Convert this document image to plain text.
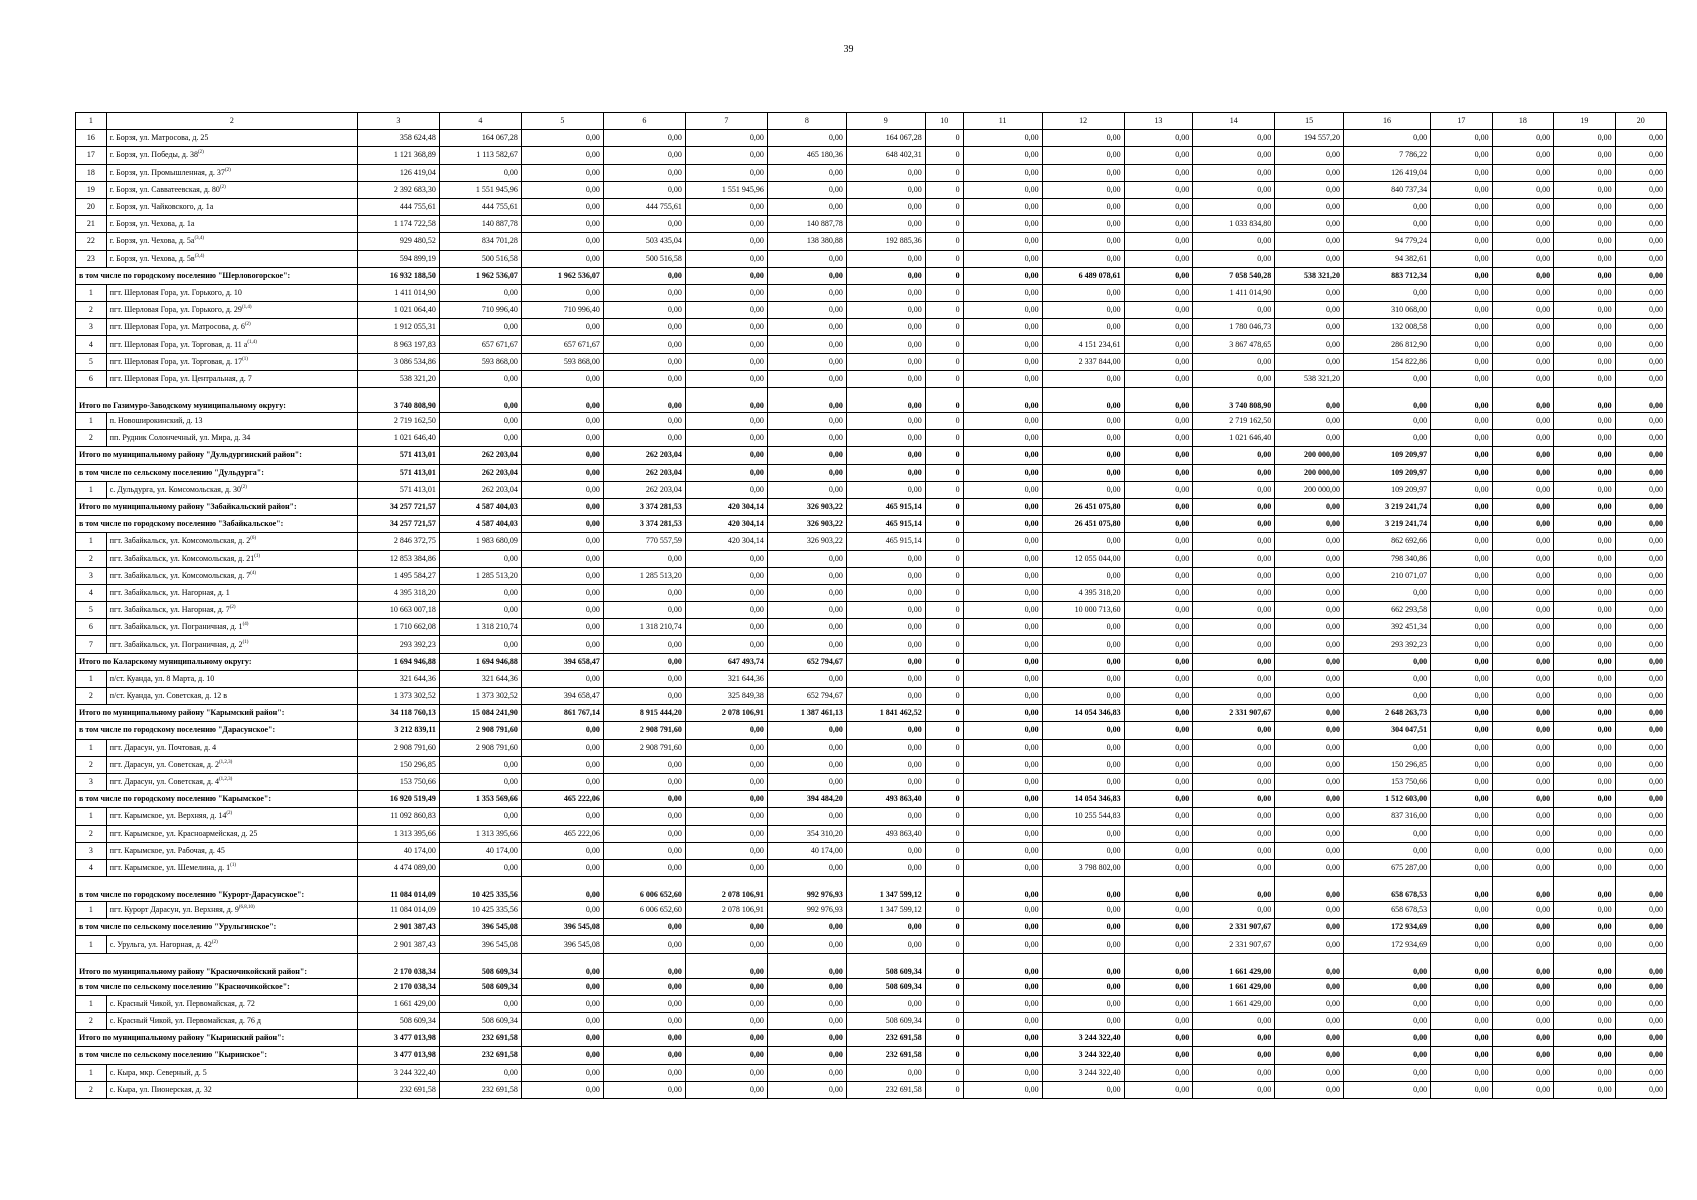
39
1	2	3	4	5	6	7	8	9	10	11	12	13	14	15	16	17	18	19	20
16	г. Борзя, ул. Матросова, д. 25	358 624,48	164 067,28	0,00	0,00	0,00	0,00	164 067,28	0	0,00	0,00	0,00	0,00	194 557,20	0,00	0,00	0,00	0,00	0,00
17	г. Борзя, ул. Победы, д. 38$^{(2)}$	1 121 368,89	1 113 582,67	0,00	0,00	0,00	465 180,36	648 402,31	0	0,00	0,00	0,00	0,00	0,00	7 786,22	0,00	0,00	0,00	0,00
18	г. Борзя, ул. Промышленная, д. 37$^{(2)}$	126 419,04	0,00	0,00	0,00	0,00	0,00	0,00	0	0,00	0,00	0,00	0,00	0,00	126 419,04	0,00	0,00	0,00	0,00
19	г. Борзя, ул. Савватеевская, д. 80$^{(2)}$	2 392 683,30	1 551 945,96	0,00	0,00	1 551 945,96	0,00	0,00	0	0,00	0,00	0,00	0,00	0,00	840 737,34	0,00	0,00	0,00	0,00
20	г. Борзя, ул. Чайковского, д. 1а	444 755,61	444 755,61	0,00	444 755,61	0,00	0,00	0,00	0	0,00	0,00	0,00	0,00	0,00	0,00	0,00	0,00	0,00	0,00
21	г. Борзя, ул. Чехова, д. 1а	1 174 722,58	140 887,78	0,00	0,00	0,00	140 887,78	0,00	0	0,00	0,00	0,00	1 033 834,80	0,00	0,00	0,00	0,00	0,00	0,00
22	г. Борзя, ул. Чехова, д. $5а^{(3,4)}$	929 480,52	834 701,28	0,00	503 435,04	0,00	138 380,88	192 885,36	0	0,00	0,00	0,00	0,00	0,00	94 779,24	0,00	0,00	0,00	0,00
23	г. Борзя, ул. Чехова, д. $5в^{(3,4)}$	594 899,19	500 516,58	0,00	500 516,58	0,00	0,00	0,00	0	0,00	0,00	0,00	0,00	0,00	94 382,61	0,00	0,00	0,00	0,00
в том числе по городскому поселению "Шерловогорское":		16 932 188,50	1 962 536,07	1 962 536,07	0,00	0,00	0,00	0,00	0	0,00	6 489 078,61	0,00	7 058 540,28	538 321,20	883 712,34	0,00	0,00	0,00	0,00
1	пгт. Шерловая Гора, ул. Горького, д. 10	1 411 014,90	0,00	0,00	0,00	0,00	0,00	0,00	0	0,00	0,00	0,00	1 411 014,90	0,00	0,00	0,00	0,00	0,00	0,00
2	пгт. Шерловая Гора, ул. Горького, д. 29$^{(1,4)}$	1 021 064,40	710 996,40	710 996,40	0,00	0,00	0,00	0,00	0	0,00	0,00	0,00	0,00	0,00	310 068,00	0,00	0,00	0,00	0,00
3	пгт. Шерловая Гора, ул. Матросова, д. 6$^{(2)}$	1 912 055,31	0,00	0,00	0,00	0,00	0,00	0,00	0	0,00	0,00	0,00	1 780 046,73	0,00	132 008,58	0,00	0,00	0,00	0,00
4	пгт. Шерловая Гора, ул. Торговая, д. 11 $а^{(1,4)}$	8 963 197,83	657 671,67	657 671,67	0,00	0,00	0,00	0,00	0	0,00	4 151 234,61	0,00	3 867 478,65	0,00	286 812,90	0,00	0,00	0,00	0,00
5	пгт. Шерловая Гора, ул. Торговая, д. 17$^{(1)}$	3 086 534,86	593 868,00	593 868,00	0,00	0,00	0,00	0,00	0	0,00	2 337 844,00	0,00	0,00	0,00	154 822,86	0,00	0,00	0,00	0,00
6	пгт. Шерловая Гора, ул. Центральная, д. 7	538 321,20	0,00	0,00	0,00	0,00	0,00	0,00	0	0,00	0,00	0,00	0,00	538 321,20	0,00	0,00	0,00	0,00	0,00
Итого по Газимуро-Заводскому муниципальному округу:		3 740 808,90	0,00	0,00	0,00	0,00	0,00	0,00	0	0,00	0,00	0,00	3 740 808,90	0,00	0,00	0,00	0,00	0,00	0,00
1	п. Новоширокинский, д. 13	2 719 162,50	0,00	0,00	0,00	0,00	0,00	0,00	0	0,00	0,00	0,00	2 719 162,50	0,00	0,00	0,00	0,00	0,00	0,00
2	пп. Рудник Солончечный, ул. Мира, д. 34	1 021 646,40	0,00	0,00	0,00	0,00	0,00	0,00	0	0,00	0,00	0,00	1 021 646,40	0,00	0,00	0,00	0,00	0,00	0,00
Итого по муниципальному району "Дульдургинский район":		571 413,01	262 203,04	0,00	262 203,04	0,00	0,00	0,00	0	0,00	0,00	0,00	0,00	200 000,00	109 209,97	0,00	0,00	0,00	0,00
в том числе по сельскому поселению "Дульдурга":		571 413,01	262 203,04	0,00	262 203,04	0,00	0,00	0,00	0	0,00	0,00	0,00	0,00	200 000,00	109 209,97	0,00	0,00	0,00	0,00
1	с. Дульдурга, ул. Комсомольская, д. 30$^{(2)}$	571 413,01	262 203,04	0,00	262 203,04	0,00	0,00	0,00	0	0,00	0,00	0,00	0,00	200 000,00	109 209,97	0,00	0,00	0,00	0,00
Итого по муниципальному району "Забайкальский район":		34 257 721,57	4 587 404,03	0,00	3 374 281,53	420 304,14	326 903,22	465 915,14	0	0,00	26 451 075,80	0,00	0,00	0,00	3 219 241,74	0,00	0,00	0,00	0,00
в том числе по городскому поселению "Забайкальское":		34 257 721,57	4 587 404,03	0,00	3 374 281,53	420 304,14	326 903,22	465 915,14	0	0,00	26 451 075,80	0,00	0,00	0,00	3 219 241,74	0,00	0,00	0,00	0,00
1	пгт. Забайкальск, ул. Комсомольская, д. 2$^{(6)}$	2 846 372,75	1 983 680,09	0,00	770 557,59	420 304,14	326 903,22	465 915,14	0	0,00	0,00	0,00	0,00	0,00	862 692,66	0,00	0,00	0,00	0,00
2	пгт. Забайкальск, ул. Комсомольская, д. 21$^{(1)}$	12 853 384,86	0,00	0,00	0,00	0,00	0,00	0,00	0	0,00	12 055 044,00	0,00	0,00	0,00	798 340,86	0,00	0,00	0,00	0,00
3	пгт. Забайкальск, ул. Комсомольская, д. 7$^{(4)}$	1 495 584,27	1 285 513,20	0,00	1 285 513,20	0,00	0,00	0,00	0	0,00	0,00	0,00	0,00	0,00	210 071,07	0,00	0,00	0,00	0,00
4	пгт. Забайкальск, ул. Нагорная, д. 1	4 395 318,20	0,00	0,00	0,00	0,00	0,00	0,00	0	0,00	4 395 318,20	0,00	0,00	0,00	0,00	0,00	0,00	0,00	0,00
5	пгт. Забайкальск, ул. Нагорная, д. 7$^{(2)}$	10 663 007,18	0,00	0,00	0,00	0,00	0,00	0,00	0	0,00	10 000 713,60	0,00	0,00	0,00	662 293,58	0,00	0,00	0,00	0,00
6	пгт. Забайкальск, ул. Пограничная, д. 1$^{(4)}$	1 710 662,08	1 318 210,74	0,00	1 318 210,74	0,00	0,00	0,00	0	0,00	0,00	0,00	0,00	0,00	392 451,34	0,00	0,00	0,00	0,00
7	пгт. Забайкальск, ул. Пограничная, д. 2$^{(1)}$	293 392,23	0,00	0,00	0,00	0,00	0,00	0,00	0	0,00	0,00	0,00	0,00	0,00	293 392,23	0,00	0,00	0,00	0,00
Итого по Каларскому муниципальному округу:		1 694 946,88	1 694 946,88	394 658,47	0,00	647 493,74	652 794,67	0,00	0	0,00	0,00	0,00	0,00	0,00	0,00	0,00	0,00	0,00	0,00
1	п/ст. Куанда, ул. 8 Марта, д. 10	321 644,36	321 644,36	0,00	0,00	321 644,36	0,00	0,00	0	0,00	0,00	0,00	0,00	0,00	0,00	0,00	0,00	0,00	0,00
2	п/ст. Куанда, ул. Советская, д. 12 в	1 373 302,52	1 373 302,52	394 658,47	0,00	325 849,38	652 794,67	0,00	0	0,00	0,00	0,00	0,00	0,00	0,00	0,00	0,00	0,00	0,00
Итого по муниципальному району "Карымский район":		34 118 760,13	15 084 241,90	861 767,14	8 915 444,20	2 078 106,91	1 387 461,13	1 841 462,52	0	0,00	14 054 346,83	0,00	2 331 907,67	0,00	2 648 263,73	0,00	0,00	0,00	0,00
в том числе по городскому поселению "Дарасунское":		3 212 839,11	2 908 791,60	0,00	2 908 791,60	0,00	0,00	0,00	0	0,00	0,00	0,00	0,00	0,00	304 047,51	0,00	0,00	0,00	0,00
1	пгт. Дарасун, ул. Почтовая, д. 4	2 908 791,60	2 908 791,60	0,00	2 908 791,60	0,00	0,00	0,00	0	0,00	0,00	0,00	0,00	0,00	0,00	0,00	0,00	0,00	0,00
2	пгт. Дарасун, ул. Советская, д. 2$^{(1,2,3)}$	150 296,85	0,00	0,00	0,00	0,00	0,00	0,00	0	0,00	0,00	0,00	0,00	0,00	150 296,85	0,00	0,00	0,00	0,00
3	пгт. Дарасун, ул. Советская, д. 4$^{(1,2,3)}$	153 750,66	0,00	0,00	0,00	0,00	0,00	0,00	0	0,00	0,00	0,00	0,00	0,00	153 750,66	0,00	0,00	0,00	0,00
в том числе по городскому поселению "Карымское":		16 920 519,49	1 353 569,66	465 222,06	0,00	0,00	394 484,20	493 863,40	0	0,00	14 054 346,83	0,00	0,00	0,00	1 512 603,00	0,00	0,00	0,00	0,00
1	пгт. Карымское, ул. Верхняя, д. 14$^{(2)}$	11 092 860,83	0,00	0,00	0,00	0,00	0,00	0,00	0	0,00	10 255 544,83	0,00	0,00	0,00	837 316,00	0,00	0,00	0,00	0,00
2	пгт. Карымское, ул. Красноармейская, д. 25	1 313 395,66	1 313 395,66	465 222,06	0,00	0,00	354 310,20	493 863,40	0	0,00	0,00	0,00	0,00	0,00	0,00	0,00	0,00	0,00	0,00
3	пгт. Карымское, ул. Рабочая, д. 45	40 174,00	40 174,00	0,00	0,00	0,00	40 174,00	0,00	0	0,00	0,00	0,00	0,00	0,00	0,00	0,00	0,00	0,00	0,00
4	пгт. Карымское, ул. Шемелина, д. 1$^{(1)}$	4 474 089,00	0,00	0,00	0,00	0,00	0,00	0,00	0	0,00	3 798 802,00	0,00	0,00	0,00	675 287,00	0,00	0,00	0,00	0,00
в том числе по городскому поселению "Курорт-Дарасунское":		11 084 014,09	10 425 335,56	0,00	6 006 652,60	2 078 106,91	992 976,93	1 347 599,12	0	0,00	0,00	0,00	0,00	0,00	658 678,53	0,00	0,00	0,00	0,00
1	пгт. Курорт Дарасун, ул. Верхняя, д. 9$^{(6,8,10)}$	11 084 014,09	10 425 335,56	0,00	6 006 652,60	2 078 106,91	992 976,93	1 347 599,12	0	0,00	0,00	0,00	0,00	0,00	658 678,53	0,00	0,00	0,00	0,00
в том числе по сельскому поселению "Урульгинское":		2 901 387,43	396 545,08	396 545,08	0,00	0,00	0,00	0,00	0	0,00	0,00	0,00	2 331 907,67	0,00	172 934,69	0,00	0,00	0,00	0,00
1	с. Урульга, ул. Нагорная, д. 42$^{(2)}$	2 901 387,43	396 545,08	396 545,08	0,00	0,00	0,00	0,00	0	0,00	0,00	0,00	2 331 907,67	0,00	172 934,69	0,00	0,00	0,00	0,00
Итого по муниципальному району "Красночикойский район":		2 170 038,34	508 609,34	0,00	0,00	0,00	0,00	508 609,34	0	0,00	0,00	0,00	1 661 429,00	0,00	0,00	0,00	0,00	0,00	0,00
в том числе по сельскому поселению "Красночикойское":		2 170 038,34	508 609,34	0,00	0,00	0,00	0,00	508 609,34	0	0,00	0,00	0,00	1 661 429,00	0,00	0,00	0,00	0,00	0,00	0,00
1	с. Красный Чикой, ул. Первомайская, д. 72	1 661 429,00	0,00	0,00	0,00	0,00	0,00	0,00	0	0,00	0,00	0,00	1 661 429,00	0,00	0,00	0,00	0,00	0,00	0,00
2	с. Красный Чикой, ул. Первомайская, д. 76 д	508 609,34	508 609,34	0,00	0,00	0,00	0,00	508 609,34	0	0,00	0,00	0,00	0,00	0,00	0,00	0,00	0,00	0,00	0,00
Итого по муниципальному району "Кыринский район":		3 477 013,98	232 691,58	0,00	0,00	0,00	0,00	232 691,58	0	0,00	3 244 322,40	0,00	0,00	0,00	0,00	0,00	0,00	0,00	0,00
в том числе по сельскому поселению "Кыринское":		3 477 013,98	232 691,58	0,00	0,00	0,00	0,00	232 691,58	0	0,00	3 244 322,40	0,00	0,00	0,00	0,00	0,00	0,00	0,00	0,00
1	с. Кыра, мкр. Северный, д. 5	3 244 322,40	0,00	0,00	0,00	0,00	0,00	0,00	0	0,00	3 244 322,40	0,00	0,00	0,00	0,00	0,00	0,00	0,00	0,00
2	с. Кыра, ул. Пионерская, д. 32	232 691,58	232 691,58	0,00	0,00	0,00	0,00	232 691,58	0	0,00	0,00	0,00	0,00	0,00	0,00	0,00	0,00	0,00	0,00
